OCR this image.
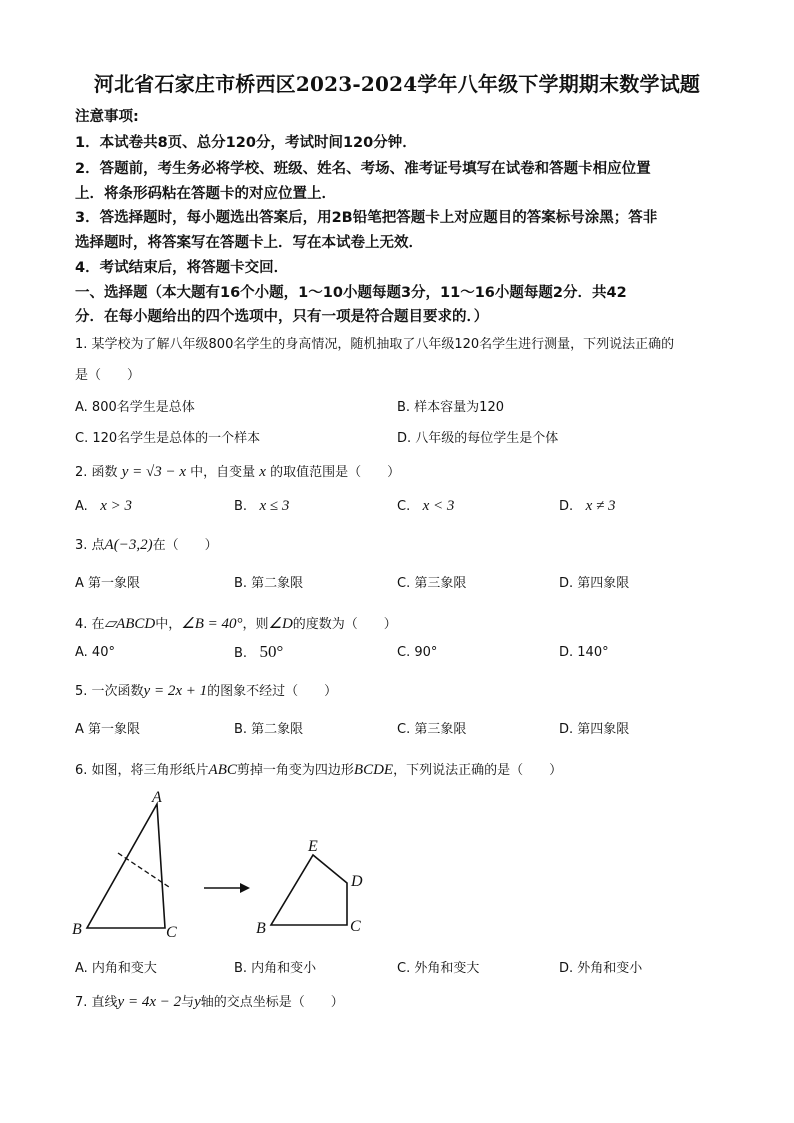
河北省石家庄市桥西区2023-2024学年八年级下学期期末数学试题
注意事项:
1．本试卷共8页、总分120分，考试时间120分钟．
2．答题前，考生务必将学校、班级、姓名、考场、准考证号填写在试卷和答题卡相应位置
上．将条形码粘在答题卡的对应位置上．
3．答选择题时，每小题选出答案后，用2B铅笔把答题卡上对应题目的答案标号涂黑；答非
选择题时，将答案写在答题卡上．写在本试卷上无效．
4．考试结束后，将答题卡交回．
一、选择题（本大题有16个小题，1～10小题每题3分，11～16小题每题2分．共42
分．在每小题给出的四个选项中，只有一项是符合题目要求的．）
1. 某学校为了解八年级800名学生的身高情况，随机抽取了八年级120名学生进行测量，下列说法正确的
是（　　）
A. 800名学生是总体	B. 样本容量为120
C. 120名学生是总体的一个样本	D. 八年级的每位学生是个体
2. 函数 y = √3 − x 中，自变量 x 的取值范围是（　　）
A. x > 3	B. x ≤ 3	C. x < 3	D. x ≠ 3
3. 点A(−3,2)在（　　）
A 第一象限	B. 第二象限	C. 第三象限	D. 第四象限
4. 在▱ABCD中，∠B = 40°，则∠D的度数为（　　）
A. 40°	B. 50°	C. 90°	D. 140°
5. 一次函数y = 2x + 1的图象不经过（　　）
A 第一象限	B. 第二象限	C. 第三象限	D. 第四象限
6. 如图，将三角形纸片ABC剪掉一角变为四边形BCDE，下列说法正确的是（　　）
A
B	C
E
D
B	C
A. 内角和变大	B. 内角和变小	C. 外角和变大	D. 外角和变小
7. 直线y = 4x − 2与y轴的交点坐标是（　　）
